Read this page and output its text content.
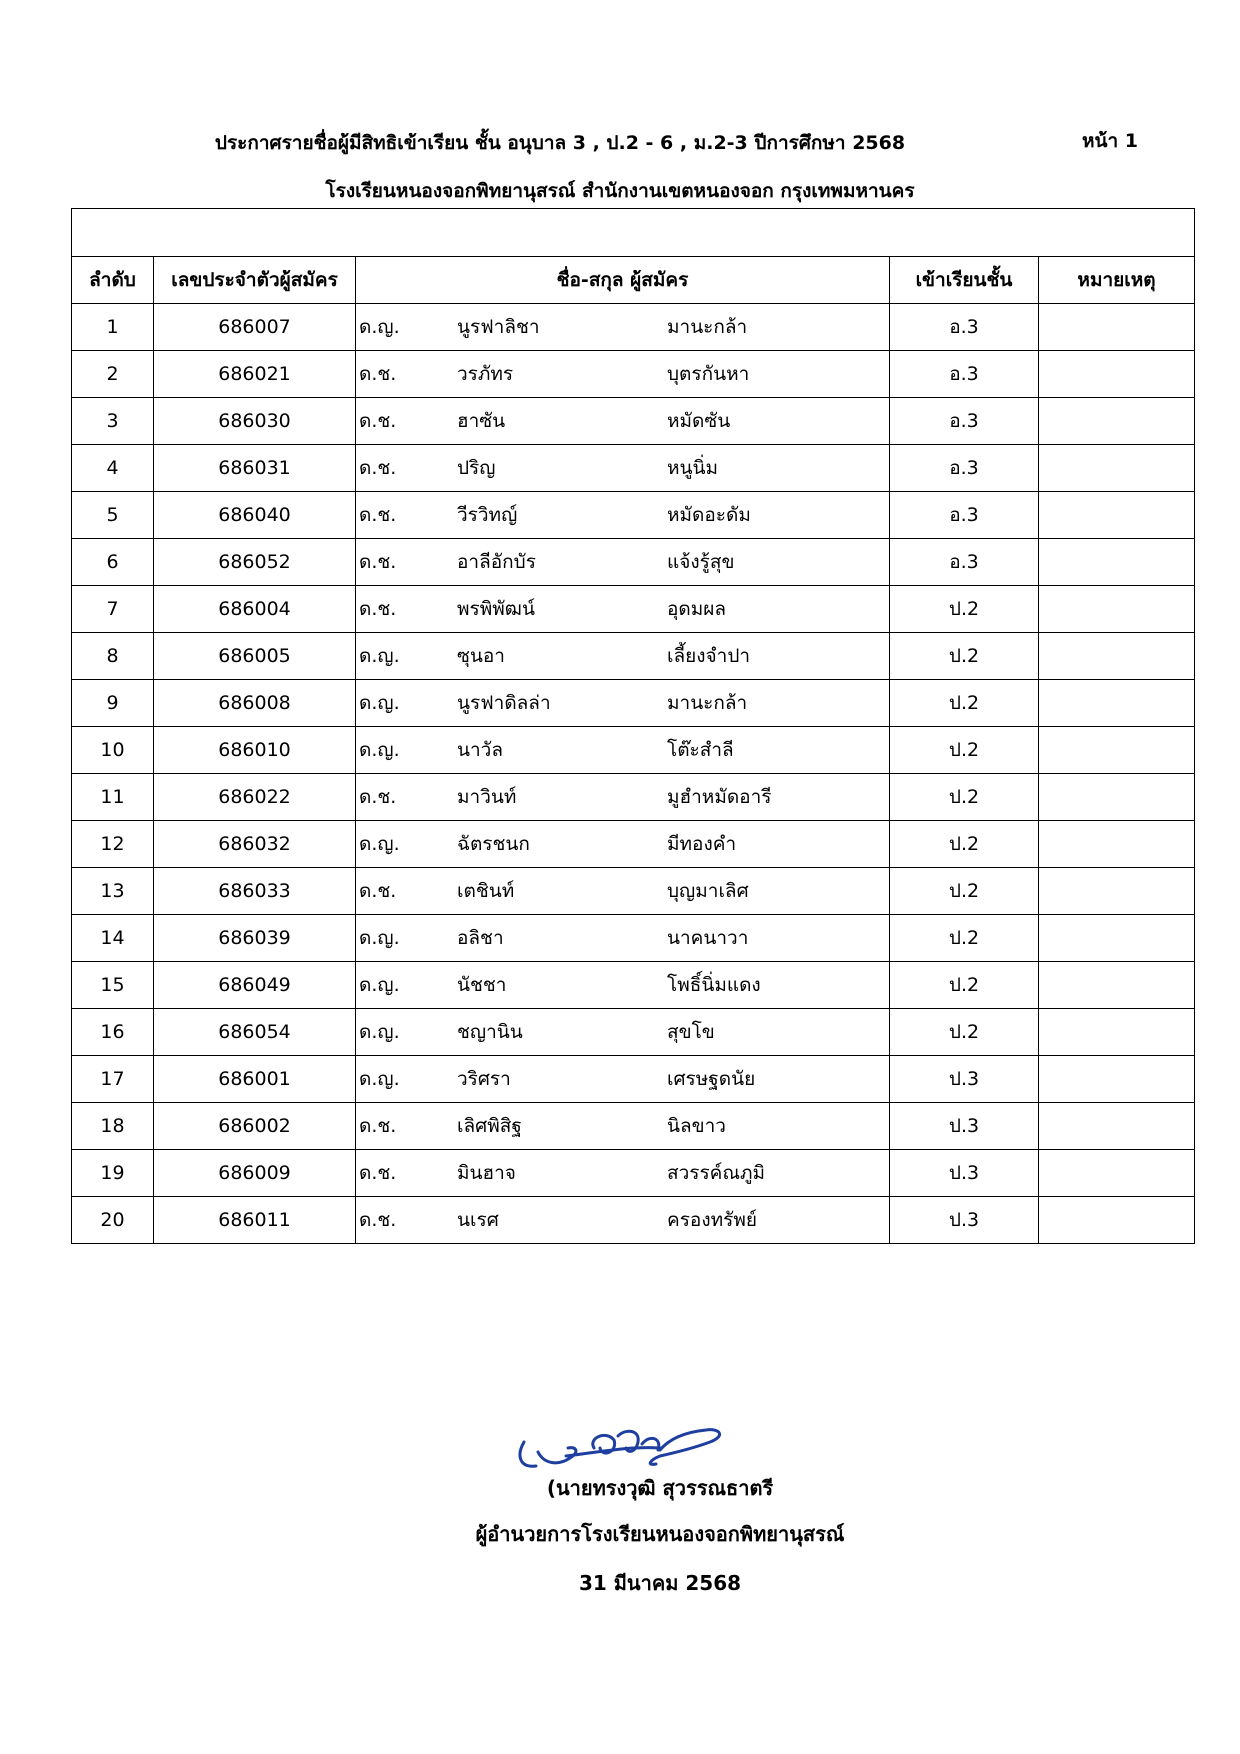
ประกาศรายชื่อผู้มีสิทธิเข้าเรียน ชั้น อนุบาล 3 , ป.2 - 6 , ม.2-3 ปีการศึกษา 2568	หน้า 1
โรงเรียนหนองจอกพิทยานุสรณ์ สำนักงานเขตหนองจอก กรุงเทพมหานคร

ลำดับ	เลขประจำตัวผู้สมัคร	ชื่อ-สกุล ผู้สมัคร	เข้าเรียนชั้น	หมายเหตุ
1	686007	ด.ญ. นูรฟาลิชา มานะกล้า	อ.3	
2	686021	ด.ช. วรภัทร บุตรกันหา	อ.3	
3	686030	ด.ช. ฮาซัน หมัดซัน	อ.3	
4	686031	ด.ช. ปริญ หนูนิ่ม	อ.3	
5	686040	ด.ช. วีรวิทญ์ หมัดอะดัม	อ.3	
6	686052	ด.ช. อาลีอักบัร แจ้งรู้สุข	อ.3	
7	686004	ด.ช. พรพิพัฒน์ อุดมผล	ป.2	
8	686005	ด.ญ. ซุนอา เลี้ยงจำปา	ป.2	
9	686008	ด.ญ. นูรฟาดิลล่า มานะกล้า	ป.2	
10	686010	ด.ญ. นาวัล โต๊ะสำลี	ป.2	
11	686022	ด.ช. มาวินท์ มูฮำหมัดอารี	ป.2	
12	686032	ด.ญ. ฉัตรชนก มีทองคำ	ป.2	
13	686033	ด.ช. เตชินท์ บุญมาเลิศ	ป.2	
14	686039	ด.ญ. อลิชา นาคนาวา	ป.2	
15	686049	ด.ญ. นัชชา โพธิ์นิ่มแดง	ป.2	
16	686054	ด.ญ. ชญานิน สุขโข	ป.2	
17	686001	ด.ญ. วริศรา เศรษฐดนัย	ป.3	
18	686002	ด.ช. เลิศพิสิฐ นิลขาว	ป.3	
19	686009	ด.ช. มินฮาจ สวรรค์ณภูมิ	ป.3	
20	686011	ด.ช. นเรศ ครองทรัพย์	ป.3	
(นายทรงวุฒิ สุวรรณธาตรี
ผู้อำนวยการโรงเรียนหนองจอกพิทยานุสรณ์
31 มีนาคม 2568
